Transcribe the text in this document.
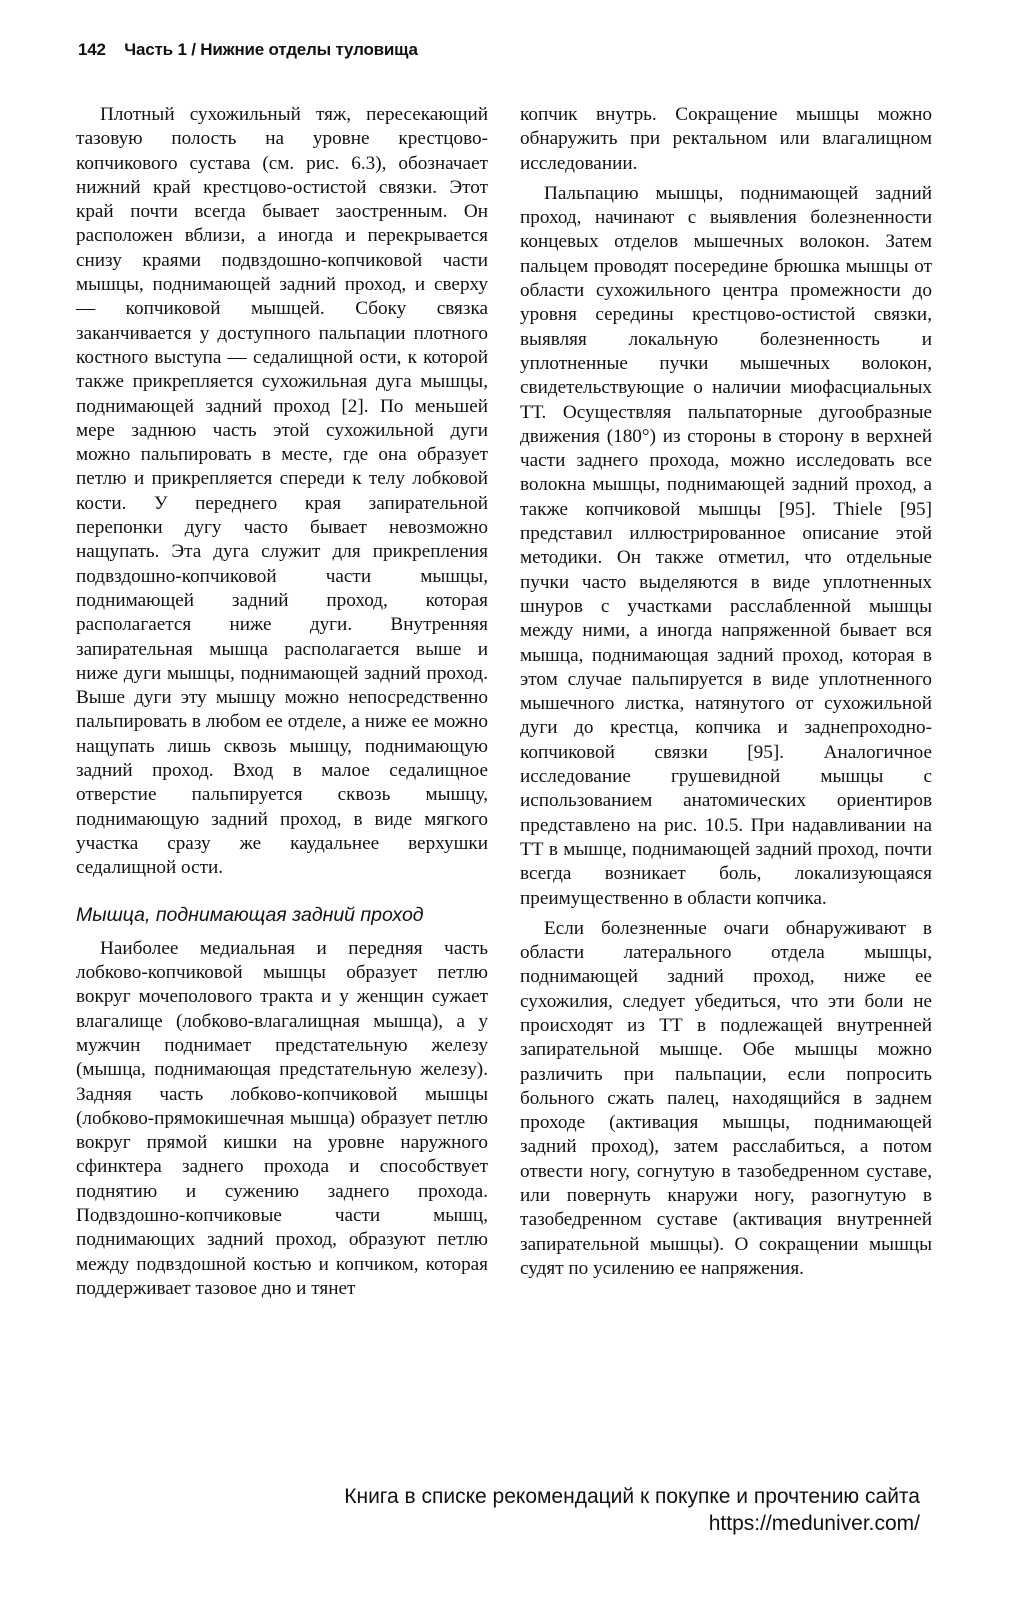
142 Часть 1 / Нижние отделы туловища

Плотный сухожильный тяж, пересекающий тазовую полость на уровне крестцово-копчикового сустава (см. рис. 6.3), обозначает нижний край крестцово-остистой связки. Этот край почти всегда бывает заостренным. Он расположен вблизи, а иногда и перекрывается снизу краями подвздошно-копчиковой части мышцы, поднимающей задний проход, и сверху — копчиковой мышцей. Сбоку связка заканчивается у доступного пальпации плотного костного выступа — седалищной ости, к которой также прикрепляется сухожильная дуга мышцы, поднимающей задний проход [2]. По меньшей мере заднюю часть этой сухожильной дуги можно пальпировать в месте, где она образует петлю и прикрепляется спереди к телу лобковой кости. У переднего края запирательной перепонки дугу часто бывает невозможно нащупать. Эта дуга служит для прикрепления подвздошно-копчиковой части мышцы, поднимающей задний проход, которая располагается ниже дуги. Внутренняя запирательная мышца располагается выше и ниже дуги мышцы, поднимающей задний проход. Выше дуги эту мышцу можно непосредственно пальпировать в любом ее отделе, а ниже ее можно нащупать лишь сквозь мышцу, поднимающую задний проход. Вход в малое седалищное отверстие пальпируется сквозь мышцу, поднимающую задний проход, в виде мягкого участка сразу же каудальнее верхушки седалищной ости.

Мышца, поднимающая задний проход

Наиболее медиальная и передняя часть лобково-копчиковой мышцы образует петлю вокруг мочеполового тракта и у женщин сужает влагалище (лобково-влагалищная мышца), а у мужчин поднимает предстательную железу (мышца, поднимающая предстательную железу). Задняя часть лобково-копчиковой мышцы (лобково-прямокишечная мышца) образует петлю вокруг прямой кишки на уровне наружного сфинктера заднего прохода и способствует поднятию и сужению заднего прохода. Подвздошно-копчиковые части мышц, поднимающих задний проход, образуют петлю между подвздошной костью и копчиком, которая поддерживает тазовое дно и тянет

копчик внутрь. Сокращение мышцы можно обнаружить при ректальном или влагалищном исследовании.

Пальпацию мышцы, поднимающей задний проход, начинают с выявления болезненности концевых отделов мышечных волокон. Затем пальцем проводят посередине брюшка мышцы от области сухожильного центра промежности до уровня середины крестцово-остистой связки, выявляя локальную болезненность и уплотненные пучки мышечных волокон, свидетельствующие о наличии миофасциальных ТТ. Осуществляя пальпаторные дугообразные движения (180°) из стороны в сторону в верхней части заднего прохода, можно исследовать все волокна мышцы, поднимающей задний проход, а также копчиковой мышцы [95]. Thiele [95] представил иллюстрированное описание этой методики. Он также отметил, что отдельные пучки часто выделяются в виде уплотненных шнуров с участками расслабленной мышцы между ними, а иногда напряженной бывает вся мышца, поднимающая задний проход, которая в этом случае пальпируется в виде уплотненного мышечного листка, натянутого от сухожильной дуги до крестца, копчика и заднепроходно-копчиковой связки [95]. Аналогичное исследование грушевидной мышцы с использованием анатомических ориентиров представлено на рис. 10.5. При надавливании на ТТ в мышце, поднимающей задний проход, почти всегда возникает боль, локализующаяся преимущественно в области копчика.

Если болезненные очаги обнаруживают в области латерального отдела мышцы, поднимающей задний проход, ниже ее сухожилия, следует убедиться, что эти боли не происходят из ТТ в подлежащей внутренней запирательной мышце. Обе мышцы можно различить при пальпации, если попросить больного сжать палец, находящийся в заднем проходе (активация мышцы, поднимающей задний проход), затем расслабиться, а потом отвести ногу, согнутую в тазобедренном суставе, или повернуть кнаружи ногу, разогнутую в тазобедренном суставе (активация внутренней запирательной мышцы). О сокращении мышцы судят по усилению ее напряжения.

Книга в списке рекомендаций к покупке и прочтению сайта https://meduniver.com/
